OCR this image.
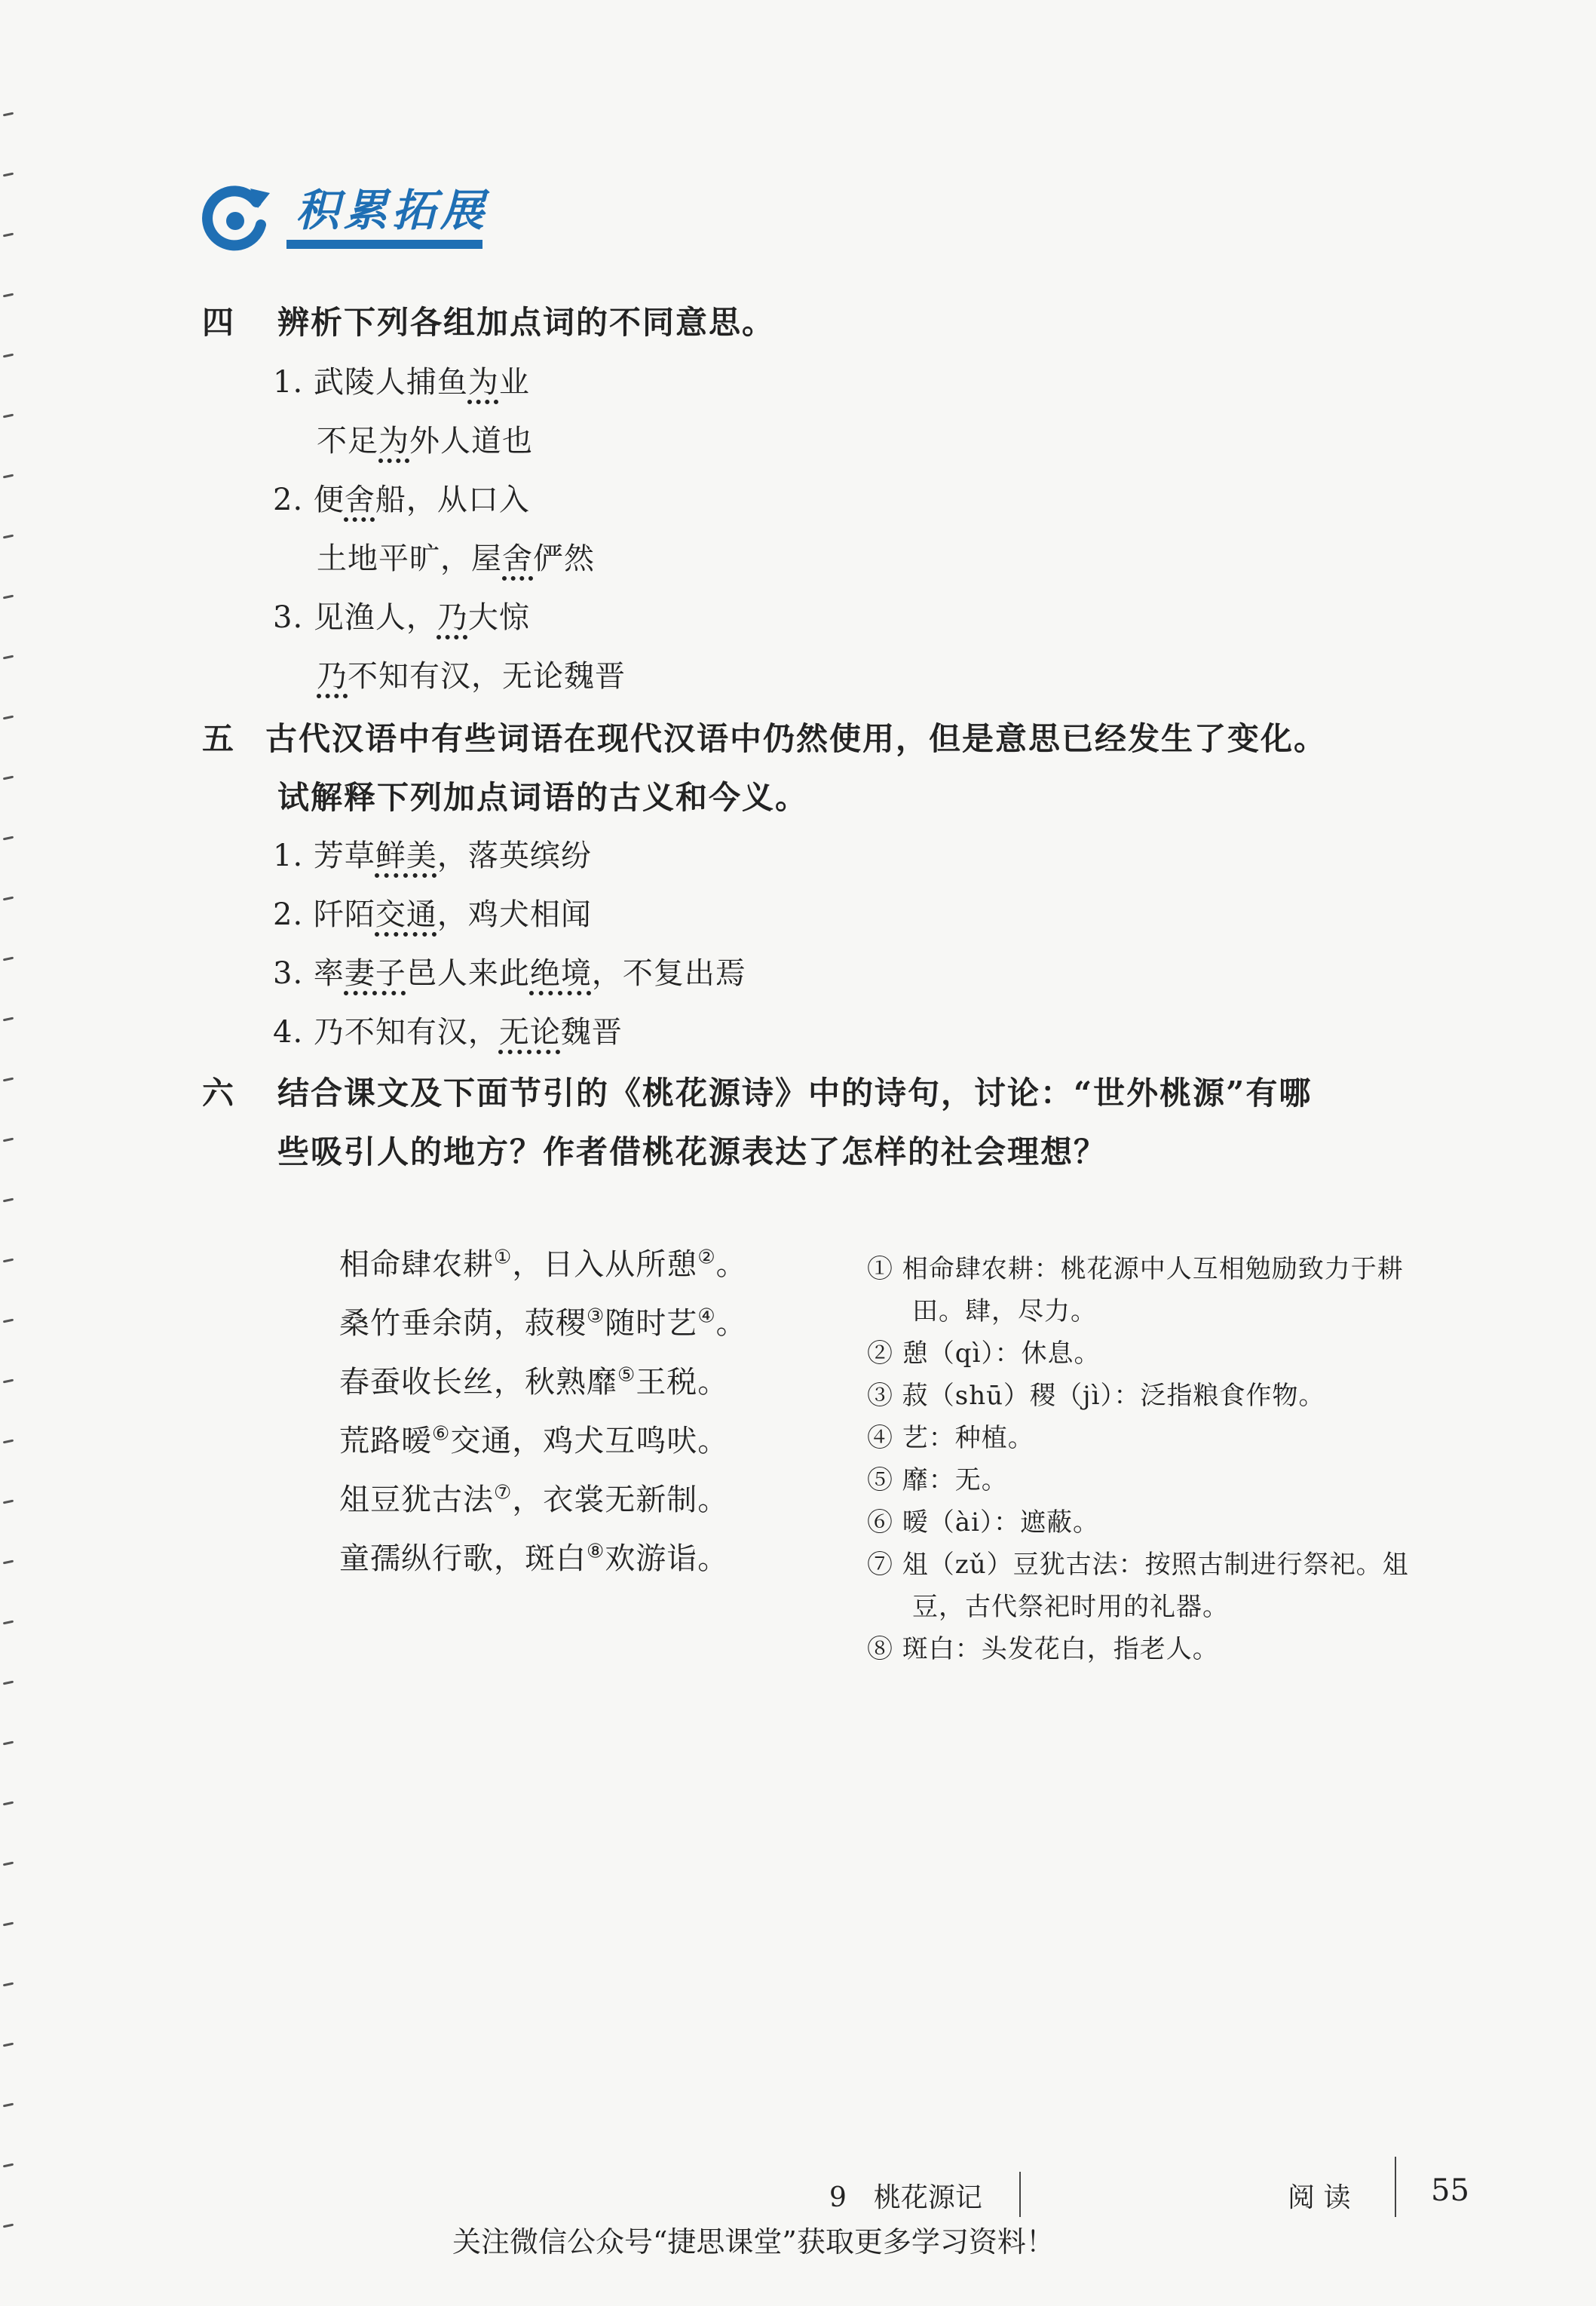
积累拓展
四 辨析下列各组加点词的不同意思。
1. 武陵人捕鱼为业
不足为外人道也
2. 便舍船，从口入
土地平旷，屋舍俨然
3. 见渔人，乃大惊
乃不知有汉，无论魏晋
五 古代汉语中有些词语在现代汉语中仍然使用，但是意思已经发生了变化。
试解释下列加点词语的古义和今义。
1. 芳草鲜美，落英缤纷
2. 阡陌交通，鸡犬相闻
3. 率妻子邑人来此绝境，不复出焉
4. 乃不知有汉，无论魏晋
六 结合课文及下面节引的《桃花源诗》中的诗句，讨论：“世外桃源”有哪
些吸引人的地方？作者借桃花源表达了怎样的社会理想？
相命肆农耕①，日入从所憩②。
桑竹垂余荫，菽稷③随时艺④。
春蚕收长丝，秋熟靡⑤王税。
荒路暧⑥交通，鸡犬互鸣吠。
俎豆犹古法⑦，衣裳无新制。
童孺纵行歌，斑白⑧欢游诣。
① 相命肆农耕：桃花源中人互相勉励致力于耕
田。肆，尽力。
② 憩（qì）：休息。
③ 菽（shū）稷（jì）：泛指粮食作物。
④ 艺：种植。
⑤ 靡：无。
⑥ 暧（ài）：遮蔽。
⑦ 俎（zǔ）豆犹古法：按照古制进行祭祀。俎
豆，古代祭祀时用的礼器。
⑧ 斑白：头发花白，指老人。
9　桃花源记	阅 读	55
关注微信公众号“捷思课堂”获取更多学习资料！
